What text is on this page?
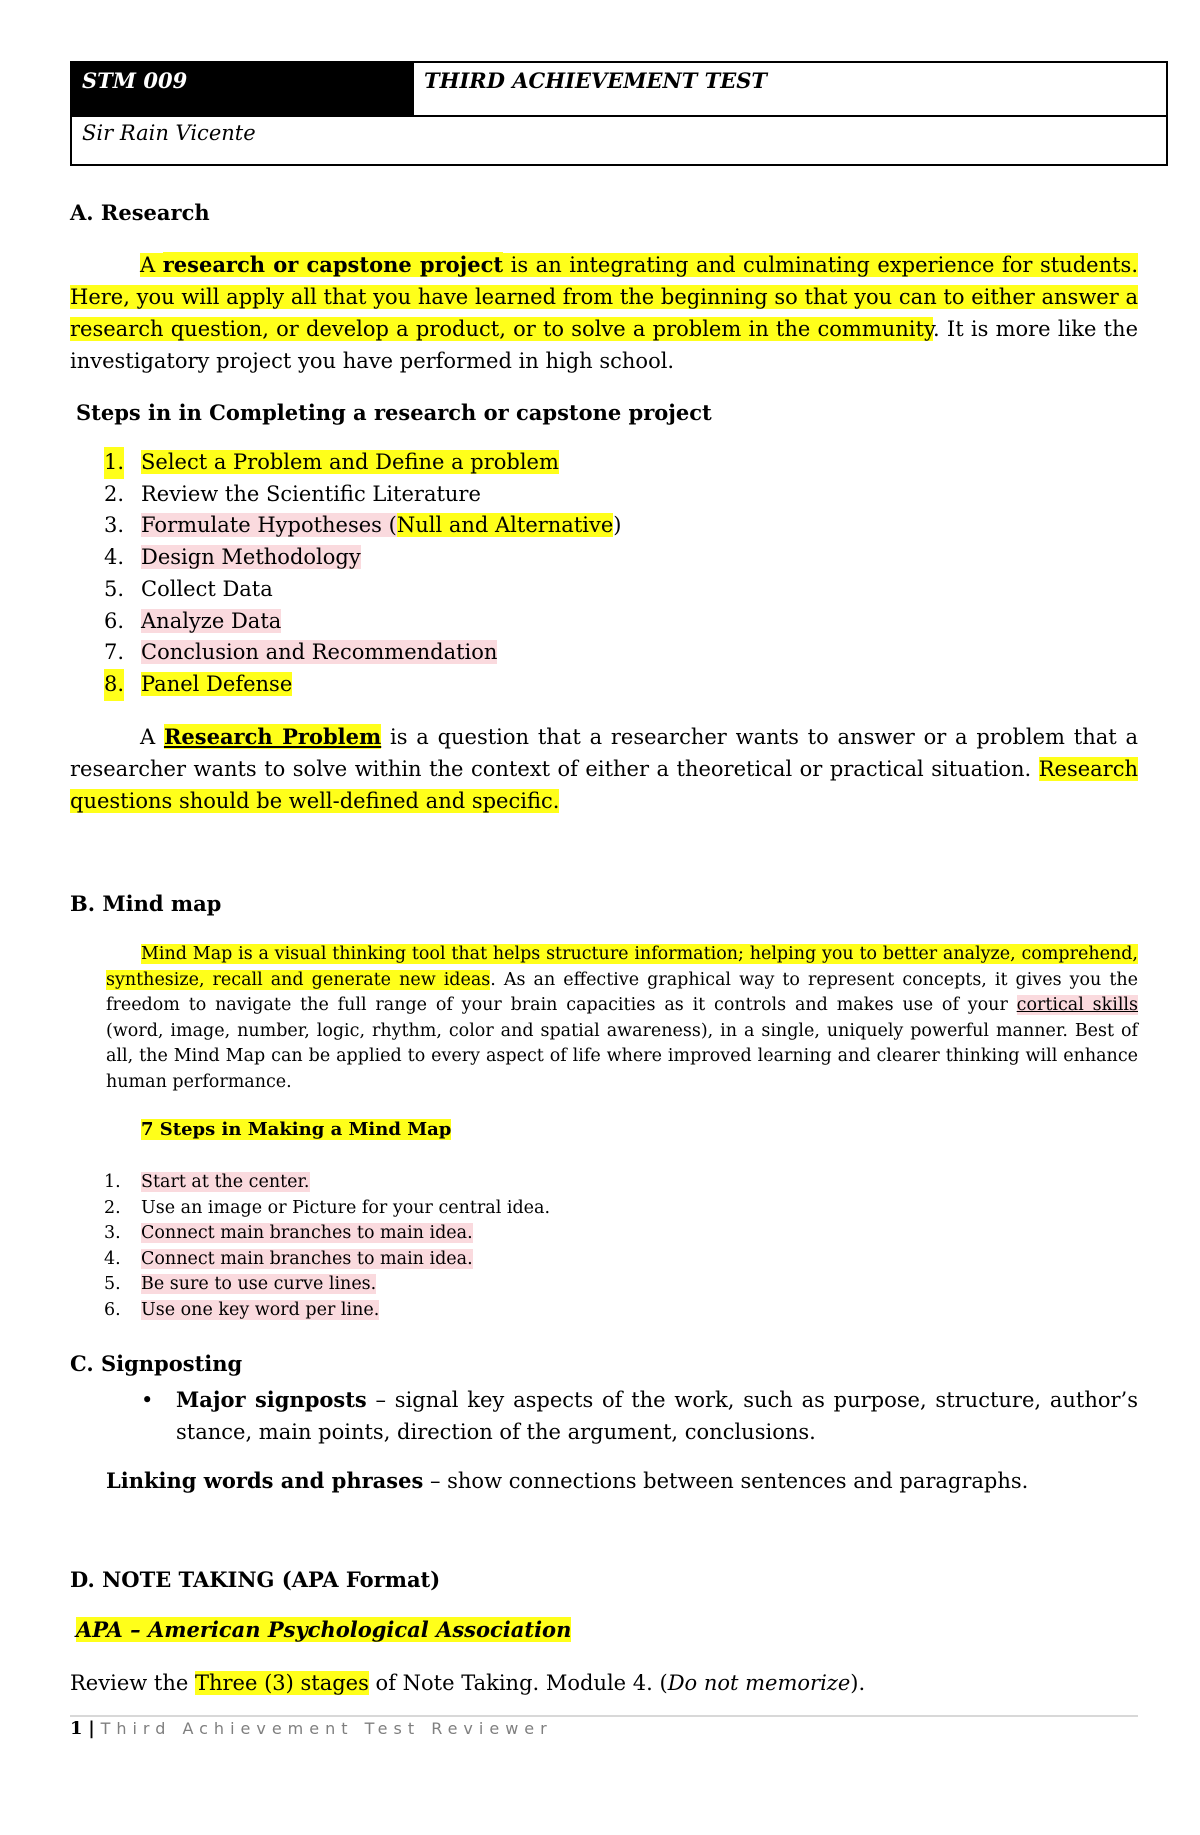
STM 009	THIRD ACHIEVEMENT TEST
Sir Rain Vicente
A. Research
A research or capstone project is an integrating and culminating experience for students. Here, you will apply all that you have learned from the beginning so that you can to either answer a research question, or develop a product, or to solve a problem in the community. It is more like the investigatory project you have performed in high school.
Steps in in Completing a research or capstone project
1. Select a Problem and Define a problem
2. Review the Scientific Literature
3. Formulate Hypotheses (Null and Alternative)
4. Design Methodology
5. Collect Data
6. Analyze Data
7. Conclusion and Recommendation
8. Panel Defense
A Research Problem is a question that a researcher wants to answer or a problem that a researcher wants to solve within the context of either a theoretical or practical situation. Research questions should be well-defined and specific.
B. Mind map
Mind Map is a visual thinking tool that helps structure information; helping you to better analyze, comprehend, synthesize, recall and generate new ideas. As an effective graphical way to represent concepts, it gives you the freedom to navigate the full range of your brain capacities as it controls and makes use of your cortical skills (word, image, number, logic, rhythm, color and spatial awareness), in a single, uniquely powerful manner. Best of all, the Mind Map can be applied to every aspect of life where improved learning and clearer thinking will enhance human performance.
7 Steps in Making a Mind Map
1. Start at the center.
2. Use an image or Picture for your central idea.
3. Connect main branches to main idea.
4. Connect main branches to main idea.
5. Be sure to use curve lines.
6. Use one key word per line.
C. Signposting
•	Major signposts – signal key aspects of the work, such as purpose, structure, author’s stance, main points, direction of the argument, conclusions.
Linking words and phrases – show connections between sentences and paragraphs.
D. NOTE TAKING (APA Format)
APA – American Psychological Association
Review the Three (3) stages of Note Taking. Module 4. (Do not memorize).
1 | Third Achievement Test Reviewer
